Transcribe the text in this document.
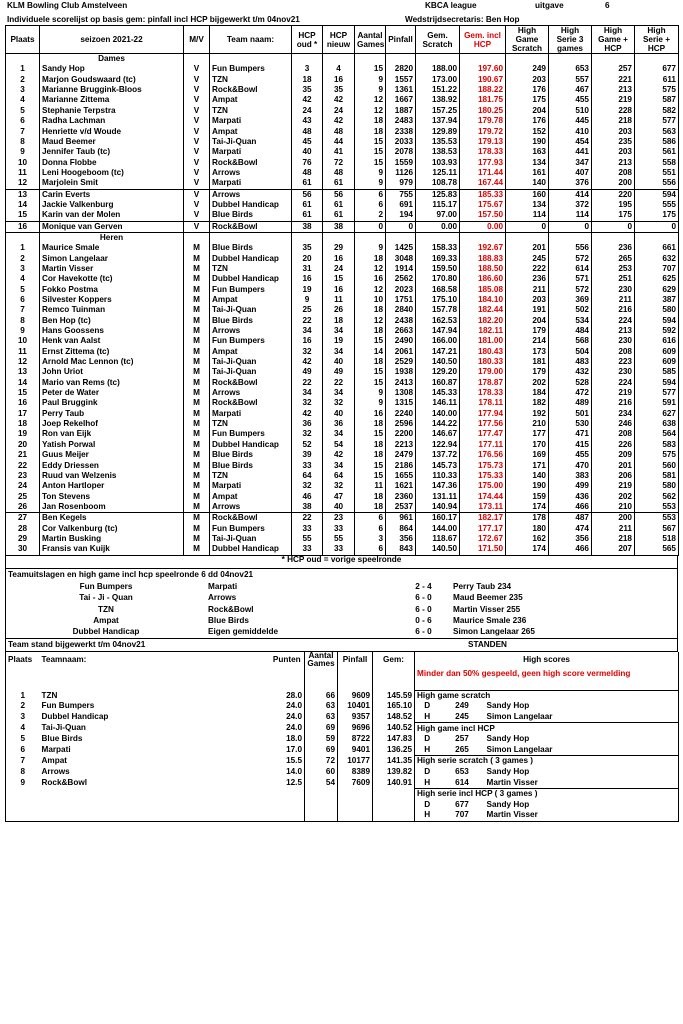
KLM Bowling Club Amstelveen	KBCA league	uitgave	6
Individuele scorelijst op basis gem: pinfall incl HCP bijgewerkt t/m 04nov21	Wedstrijdsecretaris: Ben Hop
Plaats	seizoen 2021-22	M/V	Team naam:	HCP oud *	HCP nieuw	Aantal Games	Pinfall	Gem. Scratch	Gem. incl HCP	High Game Scratch	High Serie 3 games	High Game + HCP	High Serie + HCP
	Dames												
1	Sandy Hop	V	Fun Bumpers	3	4	15	2820	188.00	197.60	249	653	257	677
2	Marjon Goudswaard (tc)	V	TZN	18	16	9	1557	173.00	190.67	203	557	221	611
3	Marianne Bruggink-Bloos	V	Rock&Bowl	35	35	9	1361	151.22	188.22	176	467	213	575
4	Marianne Zittema	V	Ampat	42	42	12	1667	138.92	181.75	175	455	219	587
5	Stephanie Terpstra	V	TZN	24	24	12	1887	157.25	180.25	204	510	228	582
6	Radha Lachman	V	Marpati	43	42	18	2483	137.94	179.78	176	445	218	577
7	Henriette v/d Woude	V	Ampat	48	48	18	2338	129.89	179.72	152	410	203	563
8	Maud Beemer	V	Tai-Ji-Quan	45	44	15	2033	135.53	179.13	190	454	235	586
9	Jennifer Taub (tc)	V	Marpati	40	41	15	2078	138.53	178.33	163	441	203	561
10	Donna Flobbe	V	Rock&Bowl	76	72	15	1559	103.93	177.93	134	347	213	558
11	Leni Hoogeboom (tc)	V	Arrows	48	48	9	1126	125.11	171.44	161	407	208	551
12	Marjolein Smit	V	Marpati	61	61	9	979	108.78	167.44	140	376	200	556
13	Carin Everts	V	Arrows	56	56	6	755	125.83	185.33	160	414	220	594
14	Jackie Valkenburg	V	Dubbel Handicap	61	61	6	691	115.17	175.67	134	372	195	555
15	Karin van der Molen	V	Blue Birds	61	61	2	194	97.00	157.50	114	114	175	175
16	Monique van Gerven	V	Rock&Bowl	38	38	0	0	0.00	0.00	0	0	0	0
	Heren												
1	Maurice Smale	M	Blue Birds	35	29	9	1425	158.33	192.67	201	556	236	661
2	Simon Langelaar	M	Dubbel Handicap	20	16	18	3048	169.33	188.83	245	572	265	632
3	Martin Visser	M	TZN	31	24	12	1914	159.50	188.50	222	614	253	707
4	Cor Havekotte (tc)	M	Dubbel Handicap	16	15	16	2562	170.80	186.60	236	571	251	625
5	Fokko Postma	M	Fun Bumpers	19	16	12	2023	168.58	185.08	211	572	230	629
6	Silvester Koppers	M	Ampat	9	11	10	1751	175.10	184.10	203	369	211	387
7	Remco Tuinman	M	Tai-Ji-Quan	25	26	18	2840	157.78	182.44	191	502	216	580
8	Ben Hop (tc)	M	Blue Birds	22	18	12	2438	162.53	182.20	204	534	224	594
9	Hans Goossens	M	Arrows	34	34	18	2663	147.94	182.11	179	484	213	592
10	Henk van Aalst	M	Fun Bumpers	16	19	15	2490	166.00	181.00	214	568	230	616
11	Ernst Zittema (tc)	M	Ampat	32	34	14	2061	147.21	180.43	173	504	208	609
12	Arnold Mac Lennon (tc)	M	Tai-Ji-Quan	42	40	18	2529	140.50	180.33	181	483	223	609
13	John Uriot	M	Tai-Ji-Quan	49	49	15	1938	129.20	179.00	179	432	230	585
14	Mario van Rems (tc)	M	Rock&Bowl	22	22	15	2413	160.87	178.87	202	528	224	594
15	Peter de Water	M	Arrows	34	34	9	1308	145.33	178.33	184	472	219	577
16	Paul Bruggink	M	Rock&Bowl	32	32	9	1315	146.11	178.11	182	489	216	591
17	Perry Taub	M	Marpati	42	40	16	2240	140.00	177.94	192	501	234	627
18	Joep Rekelhof	M	TZN	36	36	18	2596	144.22	177.56	210	530	246	638
19	Ron van Eijk	M	Fun Bumpers	32	34	15	2200	146.67	177.47	177	471	208	564
20	Yatish Porwal	M	Dubbel Handicap	52	54	18	2213	122.94	177.11	170	415	226	583
21	Guus Meijer	M	Blue Birds	39	42	18	2479	137.72	176.56	169	455	209	575
22	Eddy Driessen	M	Blue Birds	33	34	15	2186	145.73	175.73	171	470	201	560
23	Ruud van Welzenis	M	TZN	64	64	15	1655	110.33	175.33	140	383	206	581
24	Anton Hartloper	M	Marpati	32	32	11	1621	147.36	175.00	190	499	219	580
25	Ton Stevens	M	Ampat	46	47	18	2360	131.11	174.44	159	436	202	562
26	Jan Rosenboom	M	Arrows	38	40	18	2537	140.94	173.11	174	466	210	553
27	Ben Kegels	M	Rock&Bowl	22	23	6	961	160.17	182.17	178	487	200	553
28	Cor Valkenburg (tc)	M	Fun Bumpers	33	33	6	864	144.00	177.17	180	474	211	567
29	Martin Busking	M	Tai-Ji-Quan	55	55	3	356	118.67	172.67	162	356	218	518
30	Fransis van Kuijk	M	Dubbel Handicap	33	33	6	843	140.50	171.50	174	466	207	565
* HCP oud = vorige speelronde
Teamuitslagen en high game incl hcp speelronde 6 dd 04nov21
Fun Bumpers	Marpati	2 - 4	Perry Taub 234
Tai - Ji - Quan	Arrows	6 - 0	Maud Beemer 235
TZN	Rock&Bowl	6 - 0	Martin Visser 255
Ampat	Blue Birds	0 - 6	Maurice Smale 236
Dubbel Handicap	Eigen gemiddelde	6 - 0	Simon Langelaar 265
Team stand bijgewerkt t/m 04nov21	STANDEN
Plaats	Teamnaam:		Punten	Aantal Games	Pinfall	Gem:	High scores		
							Minder dan 50% gespeeld, geen high score vermelding		

1	TZN		28.0	66	9609	145.59	High game scratch		
2	Fun Bumpers		24.0	63	10401	165.10	D	249	Sandy Hop
3	Dubbel Handicap		24.0	63	9357	148.52	H	245	Simon Langelaar
4	Tai-Ji-Quan		24.0	69	9696	140.52	High game incl HCP		
5	Blue Birds		18.0	59	8722	147.83	D	257	Sandy Hop
6	Marpati		17.0	69	9401	136.25	H	265	Simon Langelaar
7	Ampat		15.5	72	10177	141.35	High serie scratch ( 3 games )		
8	Arrows		14.0	60	8389	139.82	D	653	Sandy Hop
9	Rock&Bowl		12.5	54	7609	140.91	H	614	Martin Visser
							High serie incl HCP ( 3 games )		
							D	677	Sandy Hop
							H	707	Martin Visser
